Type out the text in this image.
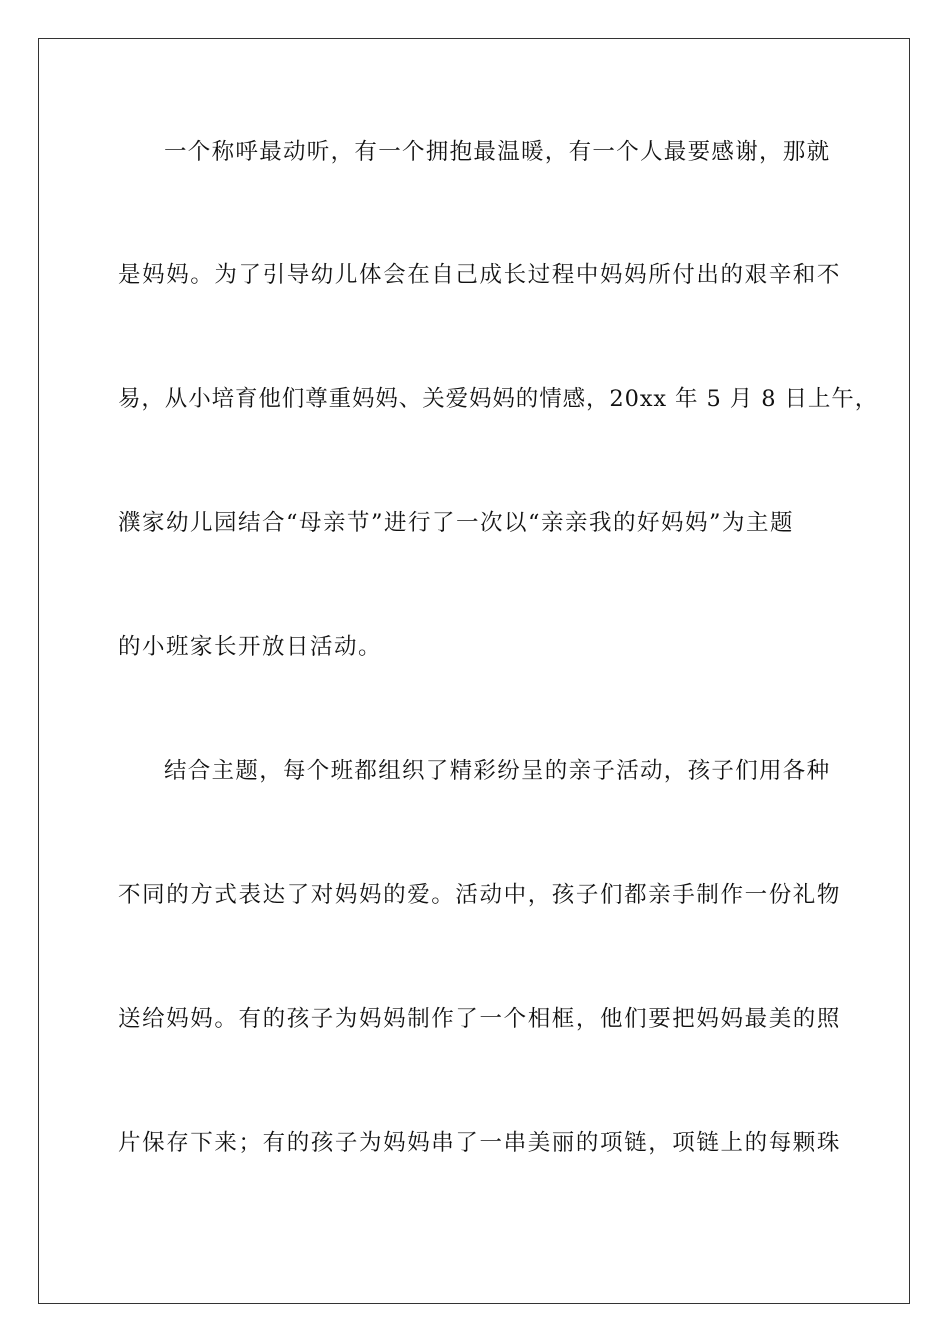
一个称呼最动听，有一个拥抱最温暖，有一个人最要感谢，那就
是妈妈。为了引导幼儿体会在自己成长过程中妈妈所付出的艰辛和不
易，从小培育他们尊重妈妈、关爱妈妈的情感，20xx 年 5 月 8 日上午，
濮家幼儿园结合“母亲节”进行了一次以“亲亲我的好妈妈”为主题
的小班家长开放日活动。
结合主题，每个班都组织了精彩纷呈的亲子活动，孩子们用各种
不同的方式表达了对妈妈的爱。活动中，孩子们都亲手制作一份礼物
送给妈妈。有的孩子为妈妈制作了一个相框，他们要把妈妈最美的照
片保存下来；有的孩子为妈妈串了一串美丽的项链，项链上的每颗珠
